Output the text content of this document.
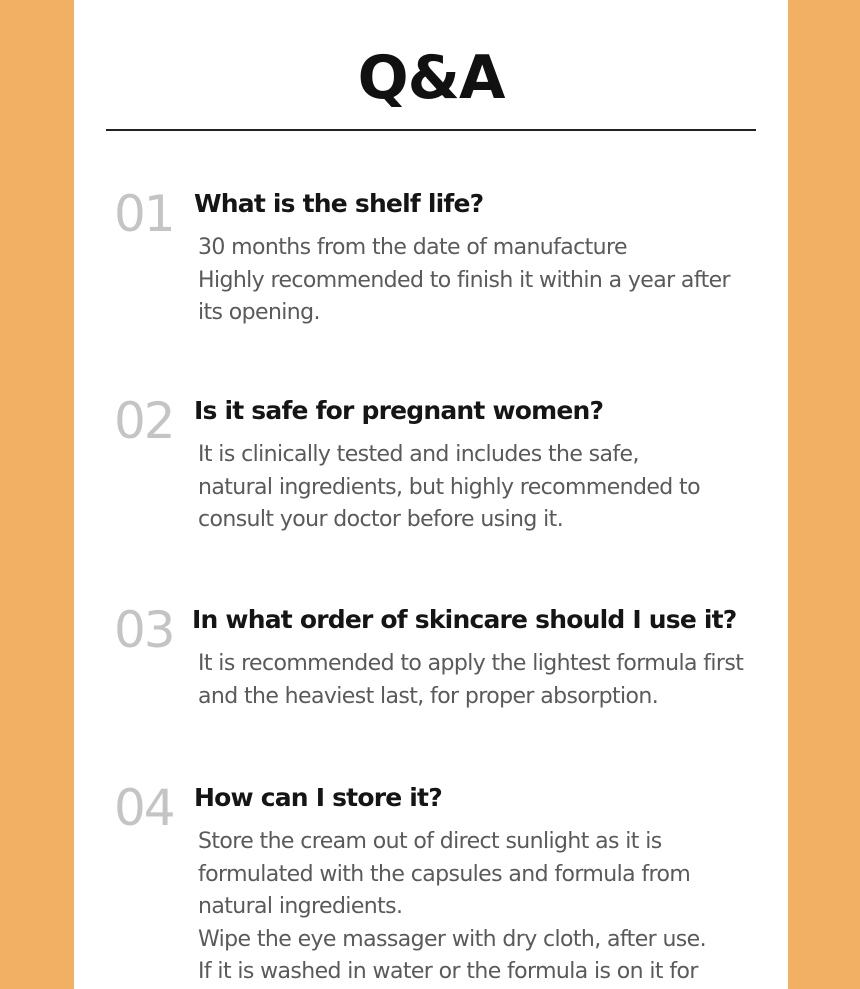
Q&A
01 What is the shelf life?
30 months from the date of manufacture
Highly recommended to finish it within a year after
its opening.
02 Is it safe for pregnant women?
It is clinically tested and includes the safe,
natural ingredients, but highly recommended to
consult your doctor before using it.
03 In what order of skincare should I use it?
It is recommended to apply the lightest formula first
and the heaviest last, for proper absorption.
04 How can I store it?
Store the cream out of direct sunlight as it is
formulated with the capsules and formula from
natural ingredients.
Wipe the eye massager with dry cloth, after use.
If it is washed in water or the formula is on it for
